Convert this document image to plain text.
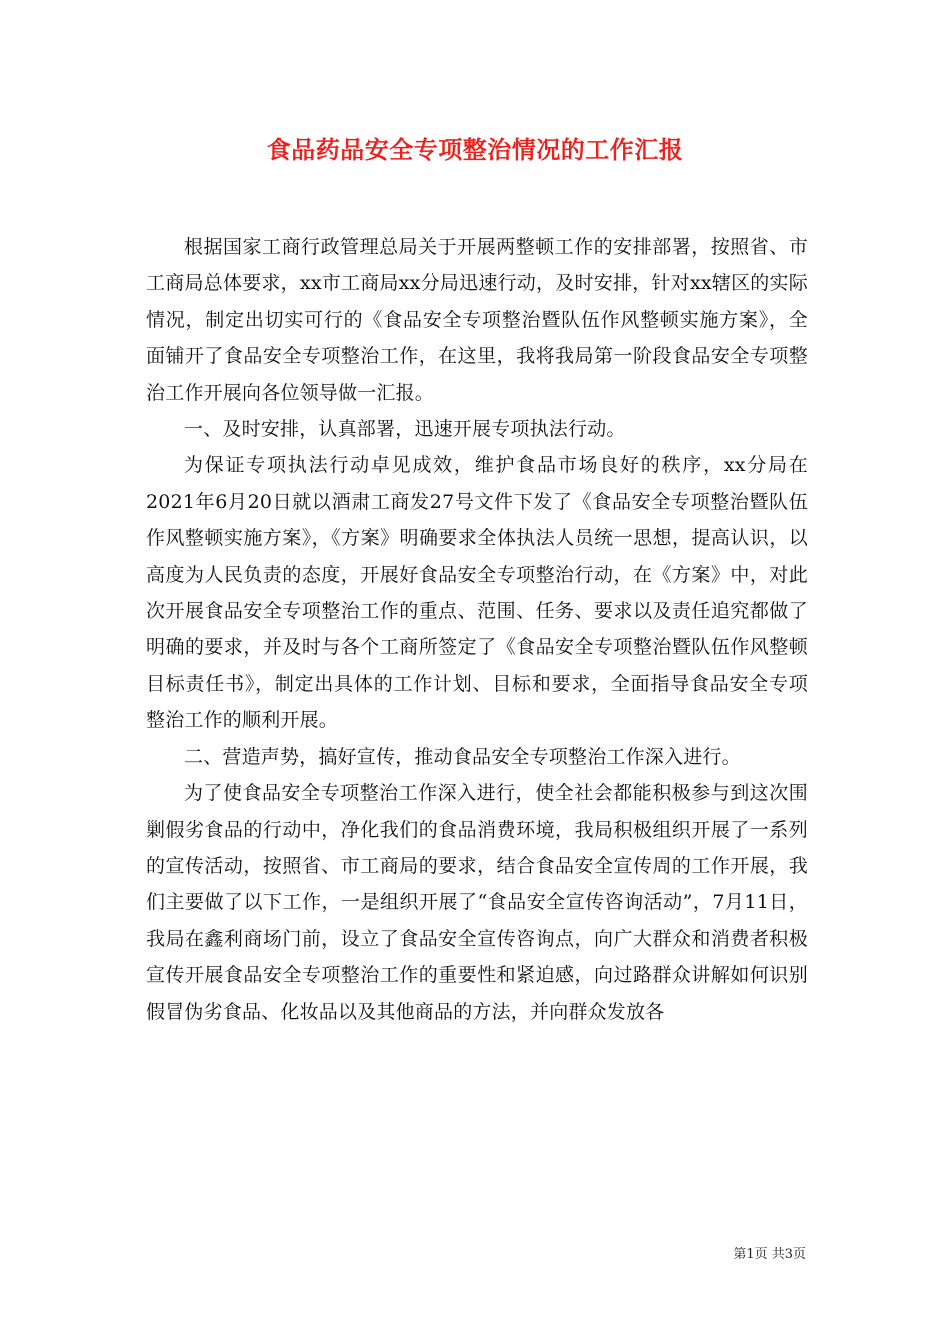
食品药品安全专项整治情况的工作汇报

根据国家工商行政管理总局关于开展两整顿工作的安排部署，按照省、市工商局总体要求，xx市工商局xx分局迅速行动，及时安排，针对xx辖区的实际情况，制定出切实可行的《食品安全专项整治暨队伍作风整顿实施方案》，全面铺开了食品安全专项整治工作，在这里，我将我局第一阶段食品安全专项整治工作开展向各位领导做一汇报。

一、及时安排，认真部署，迅速开展专项执法行动。

为保证专项执法行动卓见成效，维护食品市场良好的秩序，xx分局在2021年6月20日就以酒肃工商发27号文件下发了《食品安全专项整治暨队伍作风整顿实施方案》，《方案》明确要求全体执法人员统一思想，提高认识，以高度为人民负责的态度，开展好食品安全专项整治行动，在《方案》中，对此次开展食品安全专项整治工作的重点、范围、任务、要求以及责任追究都做了明确的要求，并及时与各个工商所签定了《食品安全专项整治暨队伍作风整顿目标责任书》，制定出具体的工作计划、目标和要求，全面指导食品安全专项整治工作的顺利开展。

二、营造声势，搞好宣传，推动食品安全专项整治工作深入进行。

为了使食品安全专项整治工作深入进行，使全社会都能积极参与到这次围剿假劣食品的行动中，净化我们的食品消费环境，我局积极组织开展了一系列的宣传活动，按照省、市工商局的要求，结合食品安全宣传周的工作开展，我们主要做了以下工作，一是组织开展了“食品安全宣传咨询活动”，7月11日，我局在鑫利商场门前，设立了食品安全宣传咨询点，向广大群众和消费者积极宣传开展食品安全专项整治工作的重要性和紧迫感，向过路群众讲解如何识别假冒伪劣食品、化妆品以及其他商品的方法，并向群众发放各

第1页 共3页
